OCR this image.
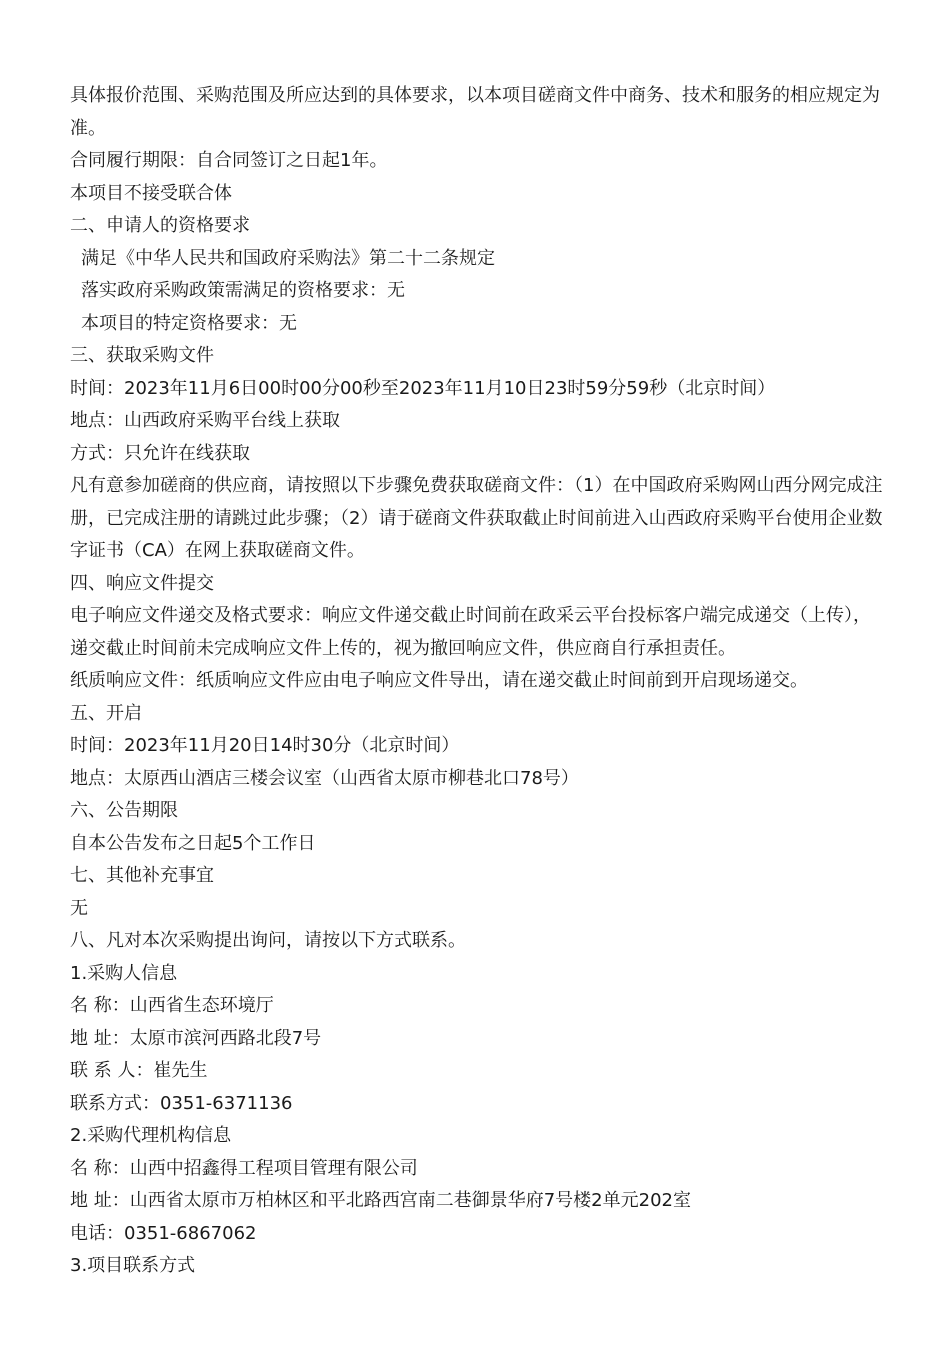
具体报价范围、采购范围及所应达到的具体要求，以本项目磋商文件中商务、技术和服务的相应规定为准。
合同履行期限：自合同签订之日起1年。
本项目不接受联合体
二、申请人的资格要求
满足《中华人民共和国政府采购法》第二十二条规定
落实政府采购政策需满足的资格要求：无
本项目的特定资格要求：无
三、获取采购文件
时间：2023年11月6日00时00分00秒至2023年11月10日23时59分59秒（北京时间）
地点：山西政府采购平台线上获取
方式：只允许在线获取
凡有意参加磋商的供应商，请按照以下步骤免费获取磋商文件：（1）在中国政府采购网山西分网完成注册，已完成注册的请跳过此步骤；（2）请于磋商文件获取截止时间前进入山西政府采购平台使用企业数字证书（CA）在网上获取磋商文件。
四、响应文件提交
电子响应文件递交及格式要求：响应文件递交截止时间前在政采云平台投标客户端完成递交（上传），递交截止时间前未完成响应文件上传的，视为撤回响应文件，供应商自行承担责任。
纸质响应文件：纸质响应文件应由电子响应文件导出，请在递交截止时间前到开启现场递交。
五、开启
时间：2023年11月20日14时30分（北京时间）
地点：太原西山酒店三楼会议室（山西省太原市柳巷北口78号）
六、公告期限
自本公告发布之日起5个工作日
七、其他补充事宜
无
八、凡对本次采购提出询问，请按以下方式联系。
1.采购人信息
名 称：山西省生态环境厅
地 址：太原市滨河西路北段7号
联 系 人：崔先生
联系方式：0351-6371136
2.采购代理机构信息
名 称：山西中招鑫得工程项目管理有限公司
地 址：山西省太原市万柏林区和平北路西宫南二巷御景华府7号楼2单元202室
电话：0351-6867062
3.项目联系方式
